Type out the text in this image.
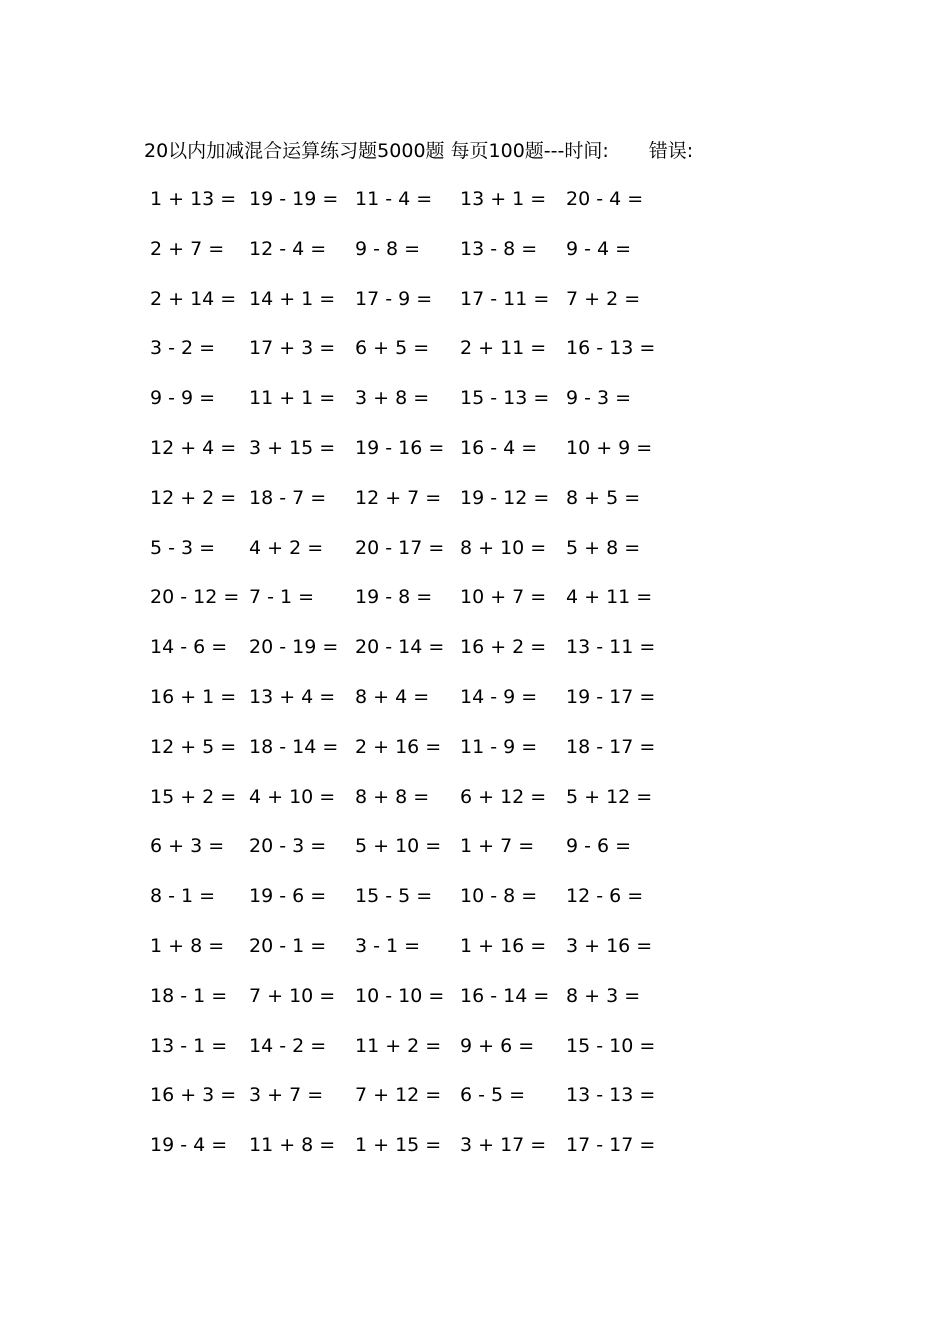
20以内加减混合运算练习题5000题 每页100题---时间: 错误:
1 + 13 = 19 - 19 = 11 - 4 = 13 + 1 = 20 - 4 =
2 + 7 = 12 - 4 = 9 - 8 = 13 - 8 = 9 - 4 =
2 + 14 = 14 + 1 = 17 - 9 = 17 - 11 = 7 + 2 =
3 - 2 = 17 + 3 = 6 + 5 = 2 + 11 = 16 - 13 =
9 - 9 = 11 + 1 = 3 + 8 = 15 - 13 = 9 - 3 =
12 + 4 = 3 + 15 = 19 - 16 = 16 - 4 = 10 + 9 =
12 + 2 = 18 - 7 = 12 + 7 = 19 - 12 = 8 + 5 =
5 - 3 = 4 + 2 = 20 - 17 = 8 + 10 = 5 + 8 =
20 - 12 = 7 - 1 = 19 - 8 = 10 + 7 = 4 + 11 =
14 - 6 = 20 - 19 = 20 - 14 = 16 + 2 = 13 - 11 =
16 + 1 = 13 + 4 = 8 + 4 = 14 - 9 = 19 - 17 =
12 + 5 = 18 - 14 = 2 + 16 = 11 - 9 = 18 - 17 =
15 + 2 = 4 + 10 = 8 + 8 = 6 + 12 = 5 + 12 =
6 + 3 = 20 - 3 = 5 + 10 = 1 + 7 = 9 - 6 =
8 - 1 = 19 - 6 = 15 - 5 = 10 - 8 = 12 - 6 =
1 + 8 = 20 - 1 = 3 - 1 = 1 + 16 = 3 + 16 =
18 - 1 = 7 + 10 = 10 - 10 = 16 - 14 = 8 + 3 =
13 - 1 = 14 - 2 = 11 + 2 = 9 + 6 = 15 - 10 =
16 + 3 = 3 + 7 = 7 + 12 = 6 - 5 = 13 - 13 =
19 - 4 = 11 + 8 = 1 + 15 = 3 + 17 = 17 - 17 =
